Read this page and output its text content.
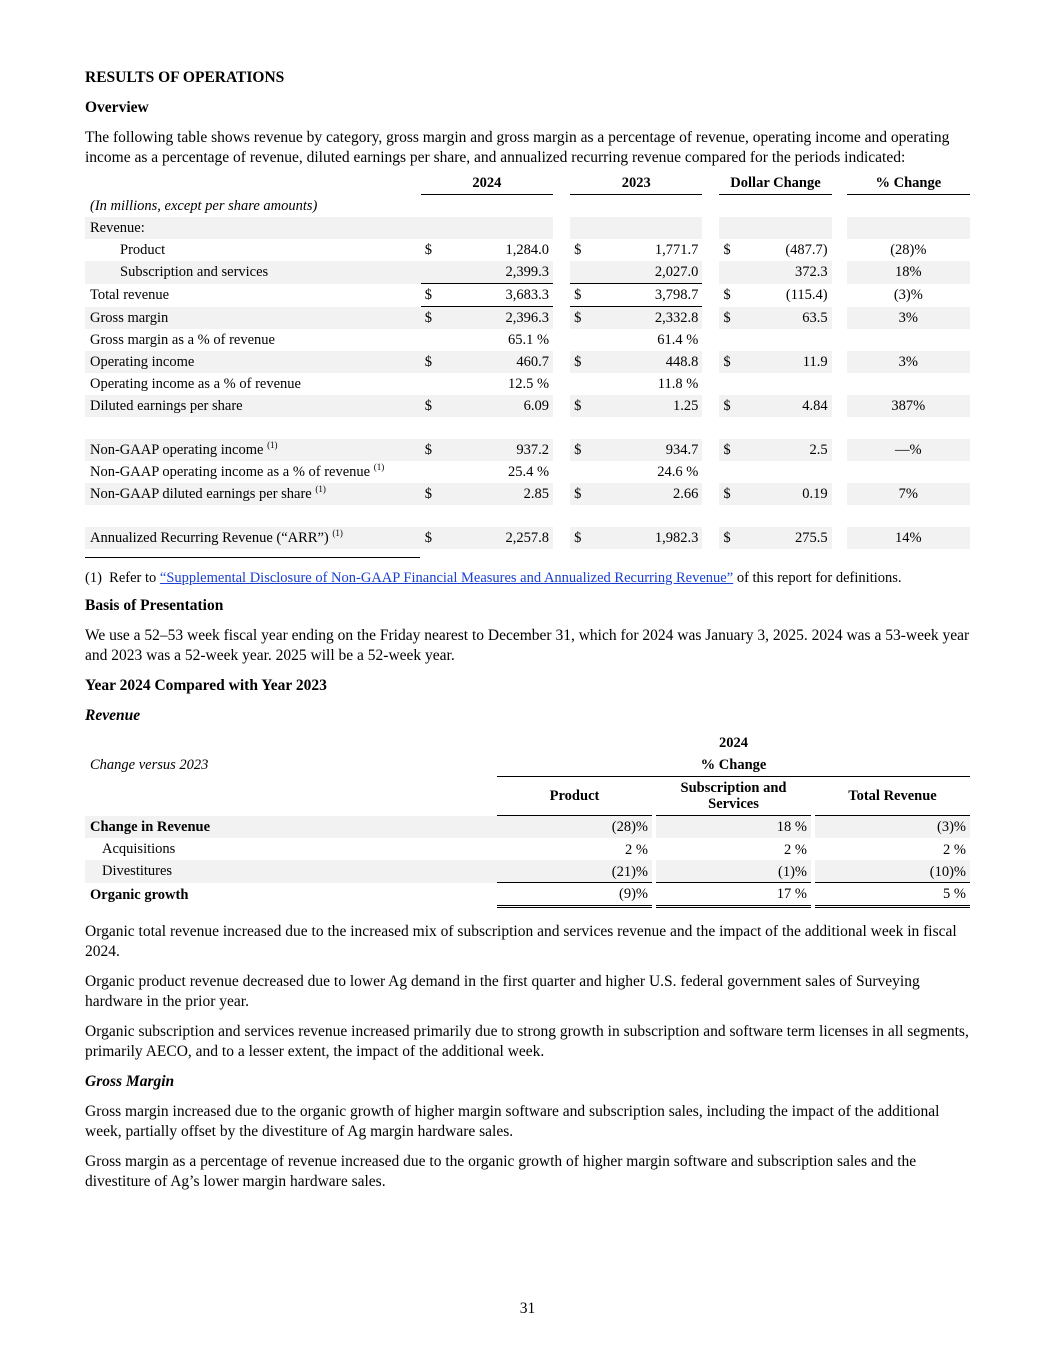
RESULTS OF OPERATIONS
Overview

The following table shows revenue by category, gross margin and gross margin as a percentage of revenue, operating income and operating income as a percentage of revenue, diluted earnings per share, and annualized recurring revenue compared for the periods indicated:

	2024			2023			Dollar Change			% Change
(In millions, except per share amounts)										
Revenue:										
Product	$	1,284.0		$	1,771.7		$	(487.7)		(28)%
Subscription and services		2,399.3			2,027.0			372.3		18%
Total revenue	$	3,683.3		$	3,798.7		$	(115.4)		(3)%
Gross margin	$	2,396.3		$	2,332.8		$	63.5		3%
Gross margin as a % of revenue		65.1 %			61.4 %					
Operating income	$	460.7		$	448.8		$	11.9		3%
Operating income as a % of revenue		12.5 %			11.8 %					
Diluted earnings per share	$	6.09		$	1.25		$	4.84		387%

Non-GAAP operating income $^{(1)}$	$	937.2		$	934.7		$	2.5		—%
Non-GAAP operating income as a % of revenue $^{(1)}$		25.4 %			24.6 %					
Non-GAAP diluted earnings per share $^{(1)}$	$	2.85		$	2.66		$	0.19		7%

Annualized Recurring Revenue (“ARR”) $^{(1)}$	$	2,257.8		$	1,982.3		$	275.5		14%
(1) Refer to “Supplemental Disclosure of Non-GAAP Financial Measures and Annualized Recurring Revenue” of this report for definitions.
Basis of Presentation

We use a 52–53 week fiscal year ending on the Friday nearest to December 31, which for 2024 was January 3, 2025. 2024 was a 53-week year and 2023 was a 52-week year. 2025 will be a 52-week year.

Year 2024 Compared with Year 2023
Revenue
	2024				
Change versus 2023	% Change				
	Product		Subscription and Services		Total Revenue
Change in Revenue	(28)%		18 %		(3)%
Acquisitions	2 %		2 %		2 %
Divestitures	(21)%		(1)%		(10)%
Organic growth	(9)%		17 %		5 %

Organic total revenue increased due to the increased mix of subscription and services revenue and the impact of the additional week in fiscal 2024.

Organic product revenue decreased due to lower Ag demand in the first quarter and higher U.S. federal government sales of Surveying hardware in the prior year.

Organic subscription and services revenue increased primarily due to strong growth in subscription and software term licenses in all segments, primarily AECO, and to a lesser extent, the impact of the additional week.

Gross Margin

Gross margin increased due to the organic growth of higher margin software and subscription sales, including the impact of the additional week, partially offset by the divestiture of Ag margin hardware sales.

Gross margin as a percentage of revenue increased due to the organic growth of higher margin software and subscription sales and the divestiture of Ag’s lower margin hardware sales.

31
